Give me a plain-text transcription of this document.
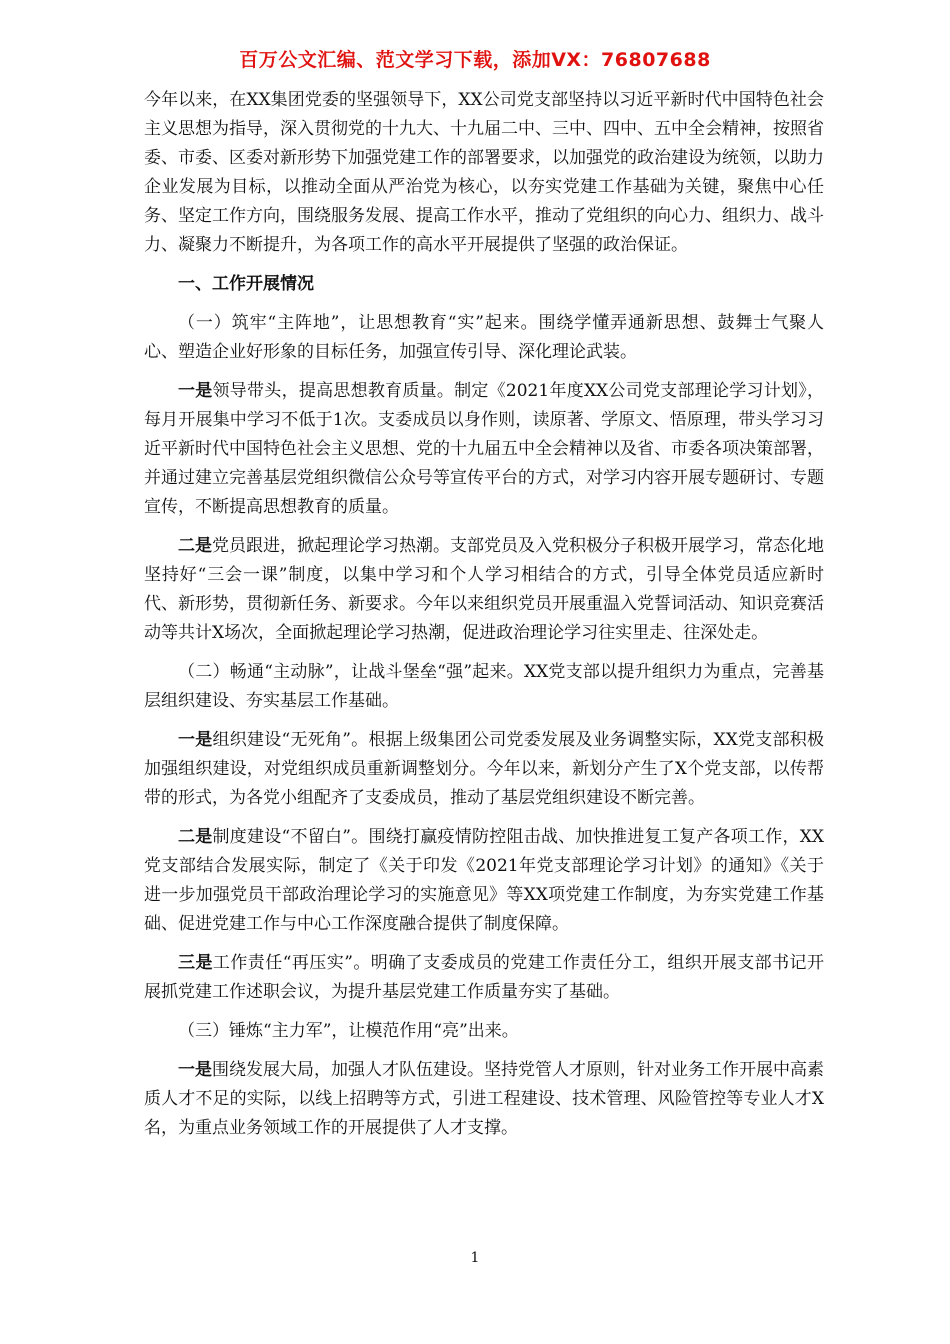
百万公文汇编、范文学习下载，添加VX：76807688

今年以来，在XX集团党委的坚强领导下，XX公司党支部坚持以习近平新时代中国特色社会主义思想为指导，深入贯彻党的十九大、十九届二中、三中、四中、五中全会精神，按照省委、市委、区委对新形势下加强党建工作的部署要求，以加强党的政治建设为统领，以助力企业发展为目标，以推动全面从严治党为核心，以夯实党建工作基础为关键，聚焦中心任务、坚定工作方向，围绕服务发展、提高工作水平，推动了党组织的向心力、组织力、战斗力、凝聚力不断提升，为各项工作的高水平开展提供了坚强的政治保证。

一、工作开展情况

（一）筑牢“主阵地”，让思想教育“实”起来。围绕学懂弄通新思想、鼓舞士气聚人心、塑造企业好形象的目标任务，加强宣传引导、深化理论武装。

一是领导带头，提高思想教育质量。制定《2021年度XX公司党支部理论学习计划》，每月开展集中学习不低于1次。支委成员以身作则，读原著、学原文、悟原理，带头学习习近平新时代中国特色社会主义思想、党的十九届五中全会精神以及省、市委各项决策部署，并通过建立完善基层党组织微信公众号等宣传平台的方式，对学习内容开展专题研讨、专题宣传，不断提高思想教育的质量。

二是党员跟进，掀起理论学习热潮。支部党员及入党积极分子积极开展学习，常态化地坚持好“三会一课”制度，以集中学习和个人学习相结合的方式，引导全体党员适应新时代、新形势，贯彻新任务、新要求。今年以来组织党员开展重温入党誓词活动、知识竞赛活动等共计X场次，全面掀起理论学习热潮，促进政治理论学习往实里走、往深处走。

（二）畅通“主动脉”，让战斗堡垒“强”起来。XX党支部以提升组织力为重点，完善基层组织建设、夯实基层工作基础。

一是组织建设“无死角”。根据上级集团公司党委发展及业务调整实际，XX党支部积极加强组织建设，对党组织成员重新调整划分。今年以来，新划分产生了X个党支部，以传帮带的形式，为各党小组配齐了支委成员，推动了基层党组织建设不断完善。

二是制度建设“不留白”。围绕打赢疫情防控阻击战、加快推进复工复产各项工作，XX党支部结合发展实际，制定了《关于印发《2021年党支部理论学习计划》的通知》《关于进一步加强党员干部政治理论学习的实施意见》等XX项党建工作制度，为夯实党建工作基础、促进党建工作与中心工作深度融合提供了制度保障。

三是工作责任“再压实”。明确了支委成员的党建工作责任分工，组织开展支部书记开展抓党建工作述职会议，为提升基层党建工作质量夯实了基础。

（三）锤炼“主力军”，让模范作用“亮”出来。

一是围绕发展大局，加强人才队伍建设。坚持党管人才原则，针对业务工作开展中高素质人才不足的实际，以线上招聘等方式，引进工程建设、技术管理、风险管控等专业人才X名，为重点业务领域工作的开展提供了人才支撑。

1
